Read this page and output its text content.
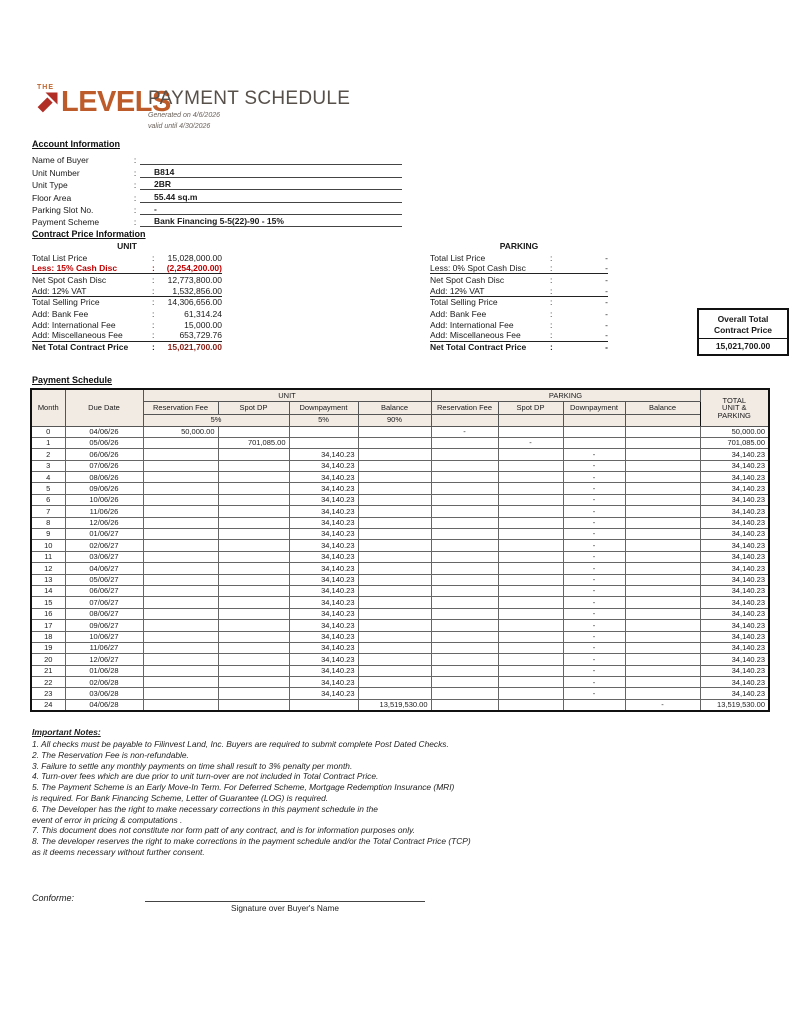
THE LEVELS
PAYMENT SCHEDULE
Generated on 4/6/2026
valid until 4/30/2026
Account Information
Name of Buyer	:
Unit Number	:	B814
Unit Type	:	2BR
Floor Area	:	55.44 sq.m
Parking Slot No.	:	-
Payment Scheme	:	Bank Financing 5-5(22)-90 - 15%
Contract Price Information
UNIT
Total List Price	:	15,028,000.00
Less: 15% Cash Disc	:	(2,254,200.00)
Net Spot Cash Disc	:	12,773,800.00
Add: 12% VAT	:	1,532,856.00
Total Selling Price	:	14,306,656.00
Add: Bank Fee	:	61,314.24
Add: International Fee	:	15,000.00
Add: Miscellaneous Fee	:	653,729.76
Net Total Contract Price	:	15,021,700.00
PARKING
Total List Price	:	-
Less: 0% Spot Cash Disc	:	-
Net Spot Cash Disc	:	-
Add: 12% VAT	:	-
Total Selling Price	:	-
Add: Bank Fee	:	-
Add: International Fee	:	-
Add: Miscellaneous Fee	:	-
Net Total Contract Price	:	-
Overall Total
Contract Price
15,021,700.00
Payment Schedule
Month	Due Date	UNIT				PARKING				TOTAL
UNIT &
PARKING

		Reservation Fee	Spot DP	Downpayment	Balance	Reservation Fee	Spot DP	Downpayment	Balance	
		5%		5%	90%					
0	04/06/26	50,000.00				-				50,000.00
1	05/06/26		701,085.00				-			701,085.00
2	06/06/26			34,140.23				-		34,140.23
3	07/06/26			34,140.23				-		34,140.23
4	08/06/26			34,140.23				-		34,140.23
5	09/06/26			34,140.23				-		34,140.23
6	10/06/26			34,140.23				-		34,140.23
7	11/06/26			34,140.23				-		34,140.23
8	12/06/26			34,140.23				-		34,140.23
9	01/06/27			34,140.23				-		34,140.23
10	02/06/27			34,140.23				-		34,140.23
11	03/06/27			34,140.23				-		34,140.23
12	04/06/27			34,140.23				-		34,140.23
13	05/06/27			34,140.23				-		34,140.23
14	06/06/27			34,140.23				-		34,140.23
15	07/06/27			34,140.23				-		34,140.23
16	08/06/27			34,140.23				-		34,140.23
17	09/06/27			34,140.23				-		34,140.23
18	10/06/27			34,140.23				-		34,140.23
19	11/06/27			34,140.23				-		34,140.23
20	12/06/27			34,140.23				-		34,140.23
21	01/06/28			34,140.23				-		34,140.23
22	02/06/28			34,140.23				-		34,140.23
23	03/06/28			34,140.23				-		34,140.23
24	04/06/28				13,519,530.00				-	13,519,530.00
Important Notes:
1. All checks must be payable to Filinvest Land, Inc. Buyers are required to submit complete Post Dated Checks.
2. The Reservation Fee is non-refundable.
3. Failure to settle any monthly payments on time shall result to 3% penalty per month.
4. Turn-over fees which are due prior to unit turn-over are not included in Total Contract Price.
5. The Payment Scheme is an Early Move-In Term. For Deferred Scheme, Mortgage Redemption Insurance (MRI)
is required. For Bank Financing Scheme, Letter of Guarantee (LOG) is required.
6. The Developer has the right to make necessary corrections in this payment schedule in the
event of error in pricing & computations .
7. This document does not constitute nor form patt of any contract, and is for information purposes only.
8. The developer reserves the right to make corrections in the payment schedule and/or the Total Contract Price (TCP)
as it deems necessary without further consent.
Conforme:
Signature over Buyer's Name
